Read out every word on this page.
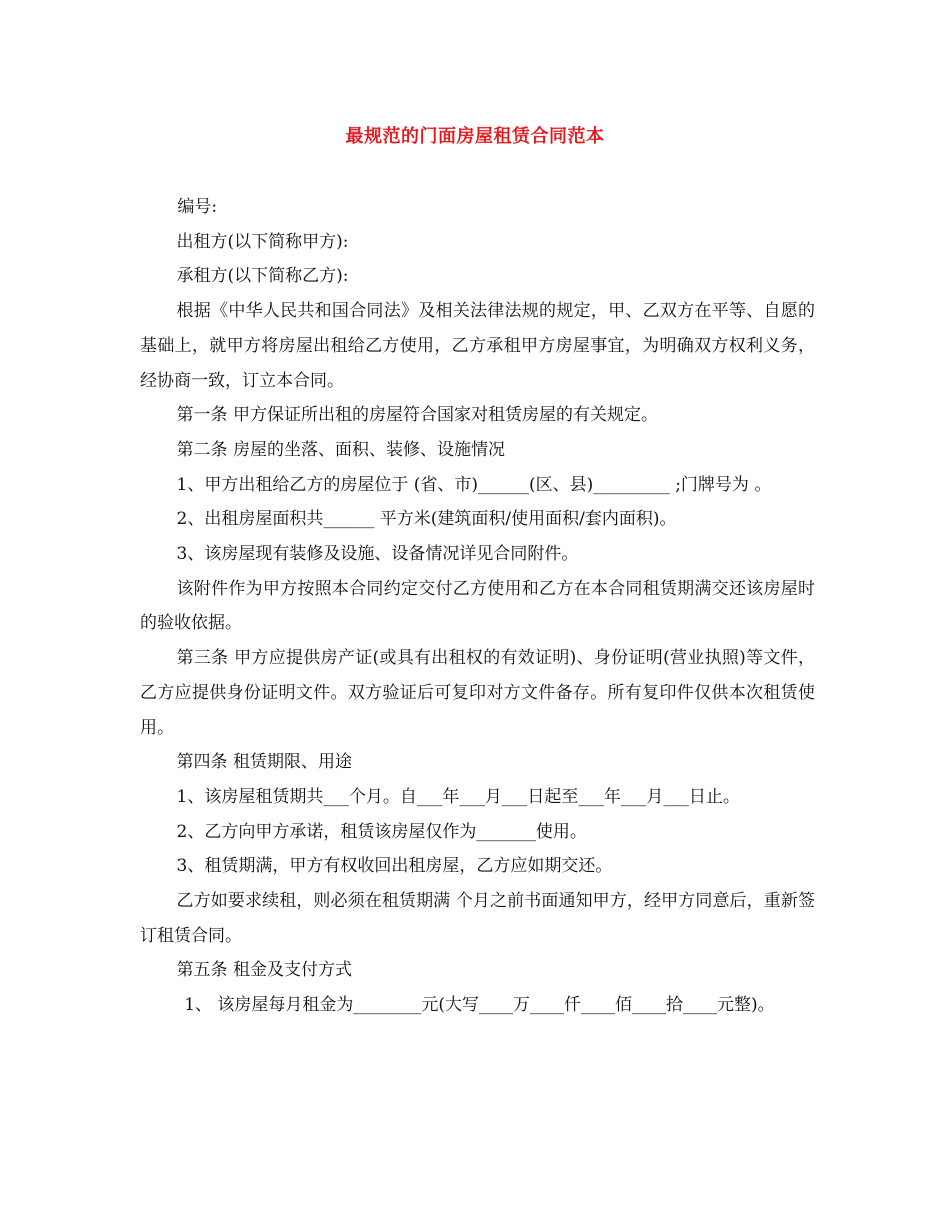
最规范的门面房屋租赁合同范本

编号:

出租方(以下简称甲方):

承租方(以下简称乙方):

根据《中华人民共和国合同法》及相关法律法规的规定，甲、乙双方在平等、自愿的基础上，就甲方将房屋出租给乙方使用，乙方承租甲方房屋事宜，为明确双方权利义务，经协商一致，订立本合同。

第一条 甲方保证所出租的房屋符合国家对租赁房屋的有关规定。

第二条 房屋的坐落、面积、装修、设施情况

1、甲方出租给乙方的房屋位于 (省、市)______(区、县)_________ ;门牌号为 。

2、出租房屋面积共______ 平方米(建筑面积/使用面积/套内面积)。

3、该房屋现有装修及设施、设备情况详见合同附件。

该附件作为甲方按照本合同约定交付乙方使用和乙方在本合同租赁期满交还该房屋时的验收依据。

第三条 甲方应提供房产证(或具有出租权的有效证明)、身份证明(营业执照)等文件，乙方应提供身份证明文件。双方验证后可复印对方文件备存。所有复印件仅供本次租赁使用。

第四条 租赁期限、用途

1、该房屋租赁期共___个月。自___年___月___日起至___年___月___日止。

2、乙方向甲方承诺，租赁该房屋仅作为_______使用。

3、租赁期满，甲方有权收回出租房屋，乙方应如期交还。

乙方如要求续租，则必须在租赁期满 个月之前书面通知甲方，经甲方同意后，重新签订租赁合同。

第五条 租金及支付方式

1、 该房屋每月租金为________元(大写____万____仟____佰____拾____元整)。
